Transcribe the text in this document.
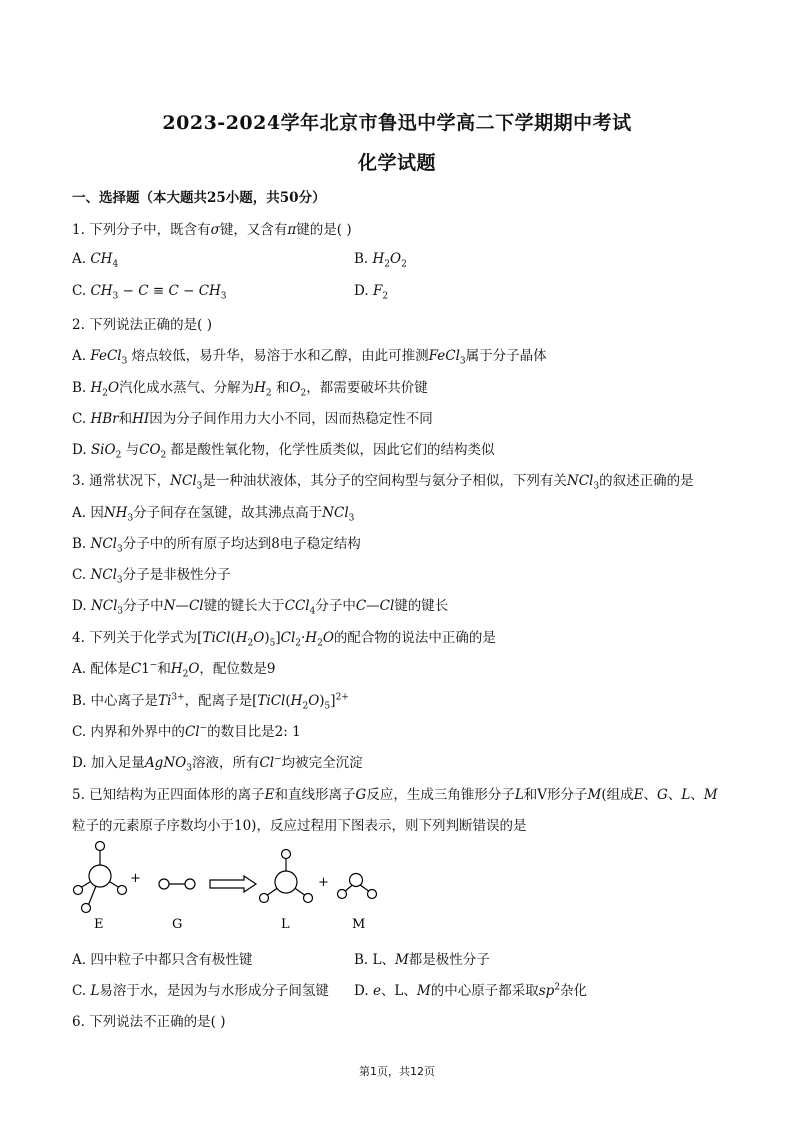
2023-2024学年北京市鲁迅中学高二下学期期中考试
化学试题
一、选择题（本大题共25小题，共50分）
1. 下列分子中，既含有σ键，又含有π键的是( )
A. $CH_4$	B. $H_2O_2$
C. $CH_3 - C \equiv C - CH_3$	D. $F_2$
2. 下列说法正确的是( )
A. FeCl$_3$ 熔点较低，易升华，易溶于水和乙醇，由此可推测FeCl$_3$属于分子晶体
B. $H_2O$汽化成水蒸气、分解为$H_2$ 和$O_2$，都需要破坏共价键
C. HBr和HI因为分子间作用力大小不同，因而热稳定性不同
D. SiO$_2$ 与$CO_2$ 都是酸性氧化物，化学性质类似，因此它们的结构类似
3. 通常状况下，NCl$_3$是一种油状液体，其分子的空间构型与氨分子相似，下列有关NCl$_3$的叙述正确的是
A. 因$NH_3$分子间存在氢键，故其沸点高于NCl$_3$
B. NCl$_3$分子中的所有原子均达到8电子稳定结构
C. NCl$_3$分子是非极性分子
D. NCl$_3$分子中N—Cl键的键长大于CCl$_4$分子中C—Cl键的键长
4. 下列关于化学式为$[TiCl(H_2O)_5]Cl_2\cdot H_2O$的配合物的说法中正确的是
A. 配体是C1−和$H_2O$，配位数是9
B. 中心离子是$Ti^{3+}$，配离子是$[TiCl(H_2O)_5]^{2+}$
C. 内界和外界中的Cl−的数目比是2: 1
D. 加入足量AgNO$_3$溶液，所有Cl−均被完全沉淀
5. 已知结构为正四面体形的离子E和直线形离子G反应，生成三角锥形分子L和V形分子M(组成E、G、L、M
粒子的元素原子序数均小于10)，反应过程用下图表示，则下列判断错误的是
+	+
E	G	L	M
A. 四中粒子中都只含有极性键	B. L、M都是极性分子
C. L易溶于水，是因为与水形成分子间氢键 D. e、L、M的中心原子都采取$sp^2$杂化
6. 下列说法不正确的是( )
第1页，共12页
